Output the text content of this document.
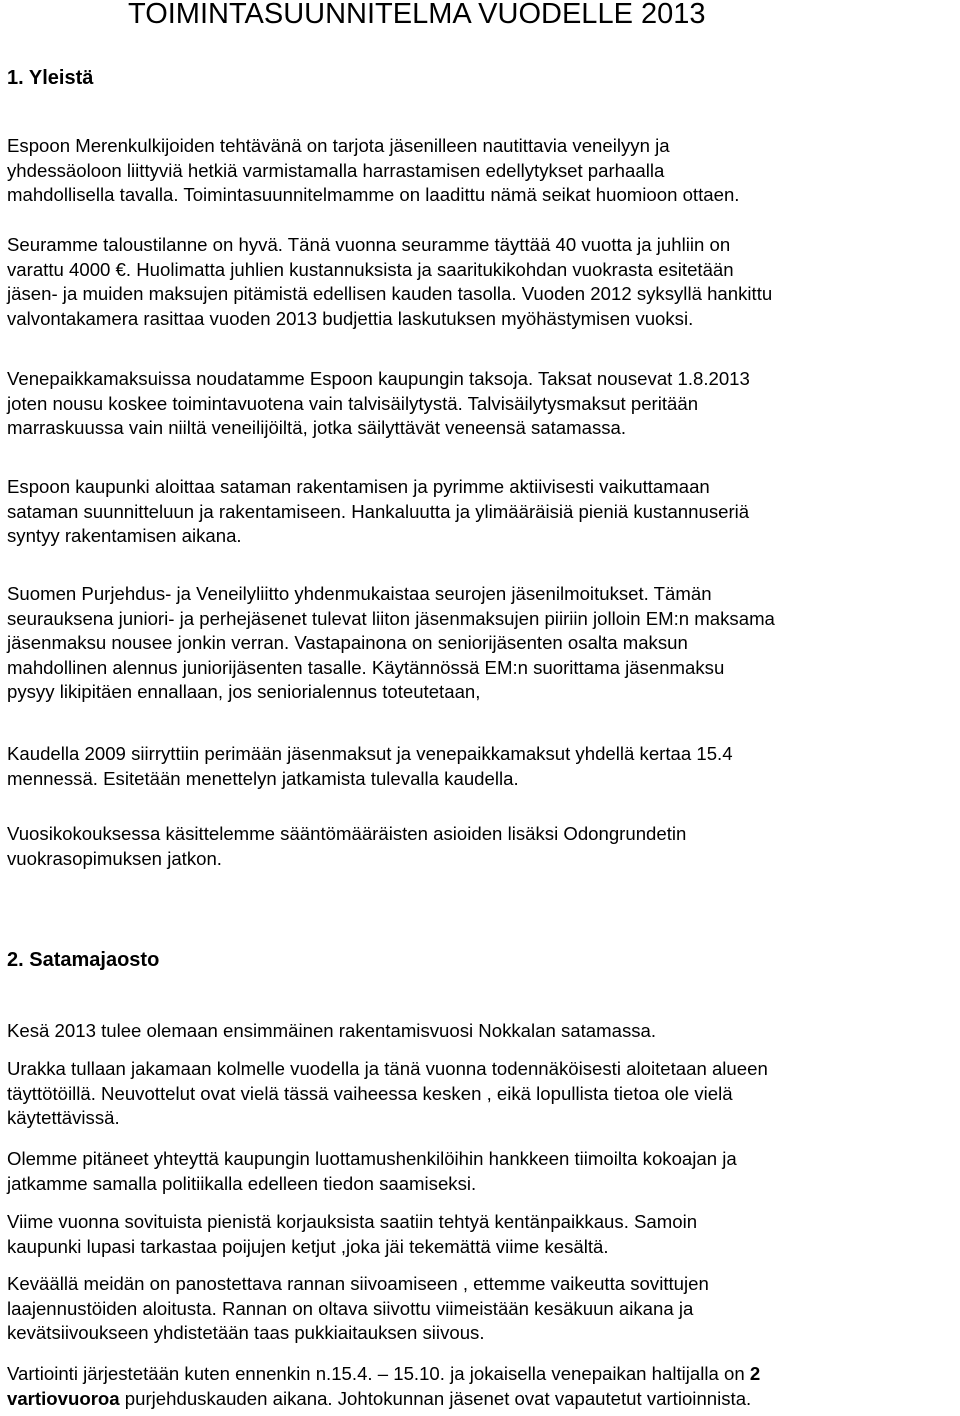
TOIMINTASUUNNITELMA VUODELLE 2013
1. Yleistä

Espoon Merenkulkijoiden tehtävänä on tarjota jäsenilleen nautittavia veneilyyn ja
yhdessäoloon liittyviä hetkiä varmistamalla harrastamisen edellytykset parhaalla
mahdollisella tavalla. Toimintasuunnitelmamme on laadittu nämä seikat huomioon ottaen.

Seuramme taloustilanne on hyvä. Tänä vuonna seuramme täyttää 40 vuotta ja juhliin on
varattu 4000 €. Huolimatta juhlien kustannuksista ja saaritukikohdan vuokrasta esitetään
jäsen- ja muiden maksujen pitämistä edellisen kauden tasolla. Vuoden 2012 syksyllä hankittu
valvontakamera rasittaa vuoden 2013 budjettia laskutuksen myöhästymisen vuoksi.

Venepaikkamaksuissa noudatamme Espoon kaupungin taksoja. Taksat nousevat 1.8.2013
joten nousu koskee toimintavuotena vain talvisäilytystä. Talvisäilytysmaksut peritään
marraskuussa vain niiltä veneilijöiltä, jotka säilyttävät veneensä satamassa.

Espoon kaupunki aloittaa sataman rakentamisen ja pyrimme aktiivisesti vaikuttamaan
sataman suunnitteluun ja rakentamiseen. Hankaluutta ja ylimääräisiä pieniä kustannuseriä
syntyy rakentamisen aikana.

Suomen Purjehdus- ja Veneilyliitto yhdenmukaistaa seurojen jäsenilmoitukset. Tämän
seurauksena juniori- ja perhejäsenet tulevat liiton jäsenmaksujen piiriin jolloin EM:n maksama
jäsenmaksu nousee jonkin verran. Vastapainona on seniorijäsenten osalta maksun
mahdollinen alennus juniorijäsenten tasalle. Käytännössä EM:n suorittama jäsenmaksu
pysyy likipitäen ennallaan, jos seniorialennus toteutetaan,

Kaudella 2009 siirryttiin perimään jäsenmaksut ja venepaikkamaksut yhdellä kertaa 15.4
mennessä. Esitetään menettelyn jatkamista tulevalla kaudella.

Vuosikokouksessa käsittelemme sääntömääräisten asioiden lisäksi Odongrundetin
vuokrasopimuksen jatkon.

2. Satamajaosto

Kesä 2013 tulee olemaan ensimmäinen rakentamisvuosi Nokkalan satamassa.

Urakka tullaan jakamaan kolmelle vuodella ja tänä vuonna todennäköisesti aloitetaan alueen
täyttötöillä. Neuvottelut ovat vielä tässä vaiheessa kesken , eikä lopullista tietoa ole vielä
käytettävissä.

Olemme pitäneet yhteyttä kaupungin luottamushenkilöihin hankkeen tiimoilta kokoajan ja
jatkamme samalla politiikalla edelleen tiedon saamiseksi.

Viime vuonna sovituista pienistä korjauksista saatiin tehtyä kentänpaikkaus. Samoin
kaupunki lupasi tarkastaa poijujen ketjut ,joka jäi tekemättä viime kesältä.

Keväällä meidän on panostettava rannan siivoamiseen , ettemme vaikeutta sovittujen
laajennustöiden aloitusta. Rannan on oltava siivottu viimeistään kesäkuun aikana ja
kevätsiivoukseen yhdistetään taas pukkiaitauksen siivous.

Vartiointi järjestetään kuten ennenkin n.15.4. – 15.10. ja jokaisella venepaikan haltijalla on 2
vartiovuoroa purjehduskauden aikana. Johtokunnan jäsenet ovat vapautetut vartioinnista.
